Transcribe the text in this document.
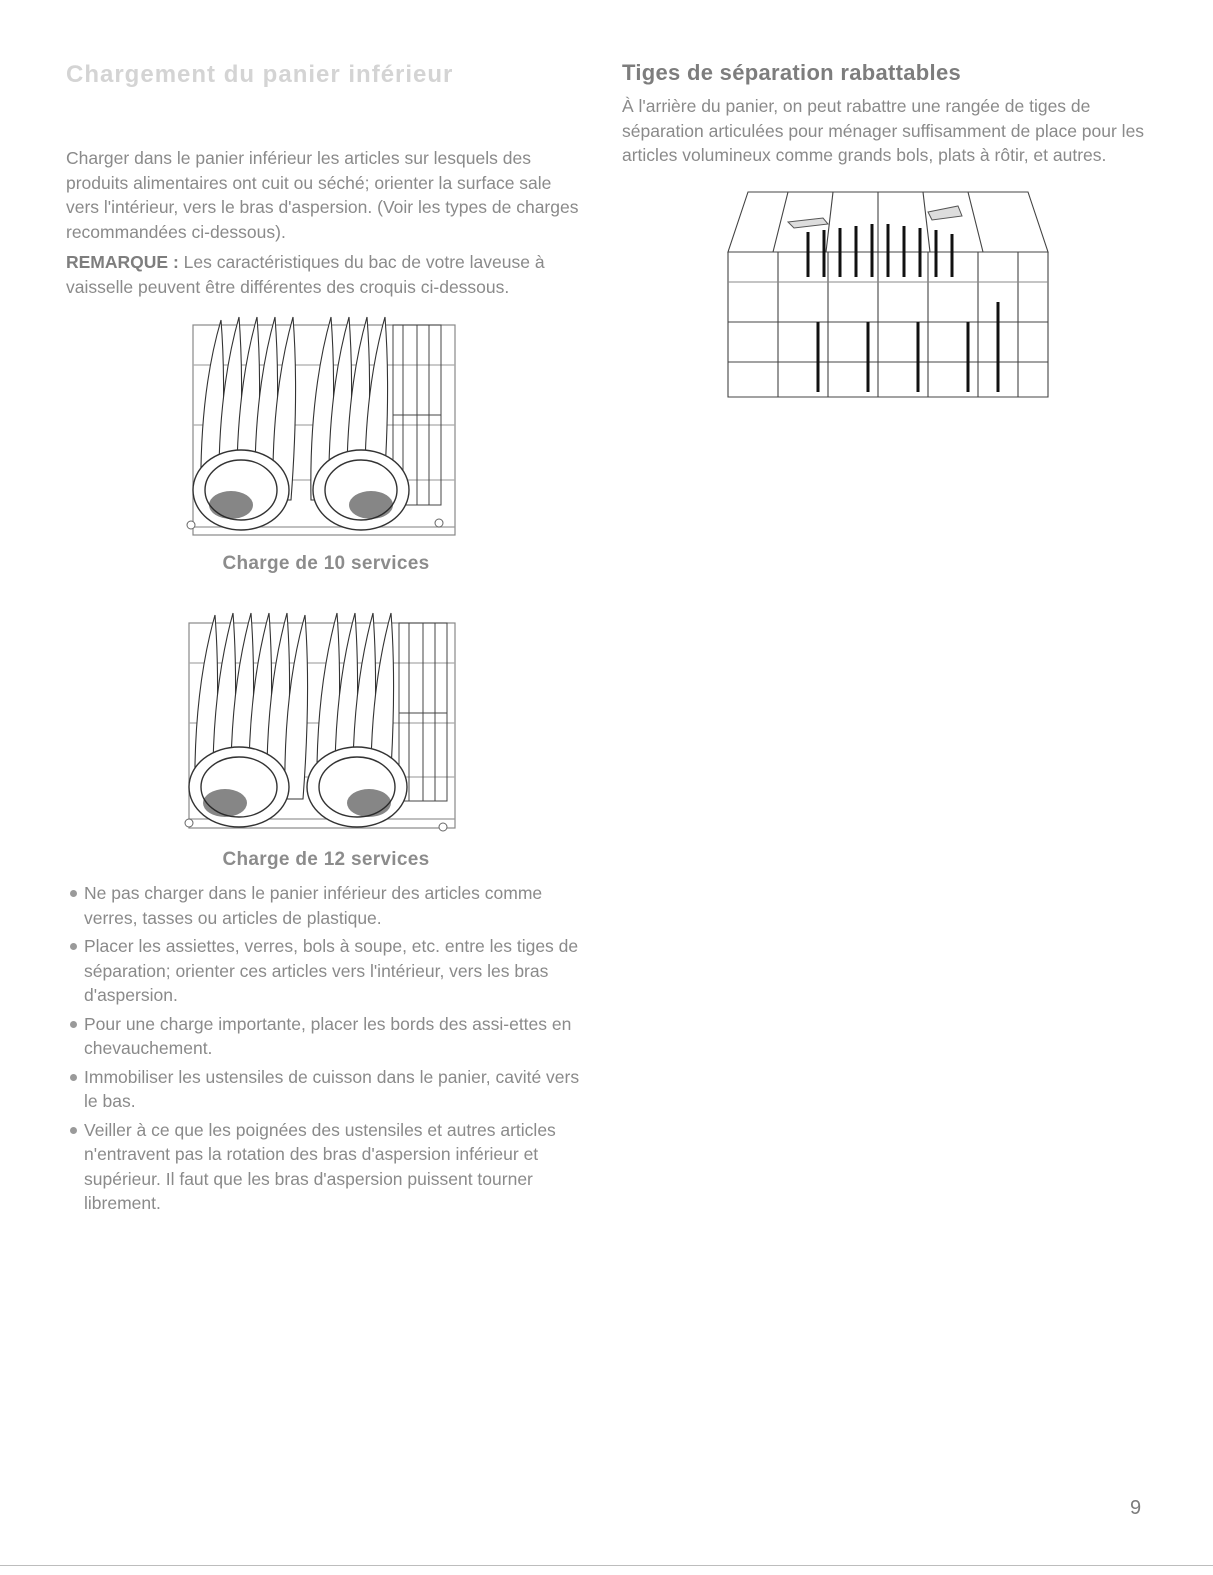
Chargement du panier inférieur

Charger dans le panier inférieur les articles sur lesquels des produits alimentaires ont cuit ou séché; orienter la surface sale vers l'intérieur, vers le bras d'aspersion. (Voir les types de charges recommandées ci-dessous).

REMARQUE : Les caractéristiques du bac de votre laveuse à vaisselle peuvent être différentes des croquis ci-dessous.

Charge de 10 services
Charge de 12 services
Ne pas charger dans le panier inférieur des articles comme verres, tasses ou articles de plastique.
Placer les assiettes, verres, bols à soupe, etc. entre les tiges de séparation; orienter ces articles vers l'intérieur, vers les bras d'aspersion.
Pour une charge importante, placer les bords des assi-ettes en chevauchement.
Immobiliser les ustensiles de cuisson dans le panier, cavité vers le bas.
Veiller à ce que les poignées des ustensiles et autres articles n'entravent pas la rotation des bras d'aspersion inférieur et supérieur. Il faut que les bras d'aspersion puissent tourner librement.
Tiges de séparation rabattables

À l'arrière du panier, on peut rabattre une rangée de tiges de séparation articulées pour ménager suffisamment de place pour les articles volumineux comme grands bols, plats à rôtir, et autres.

9
